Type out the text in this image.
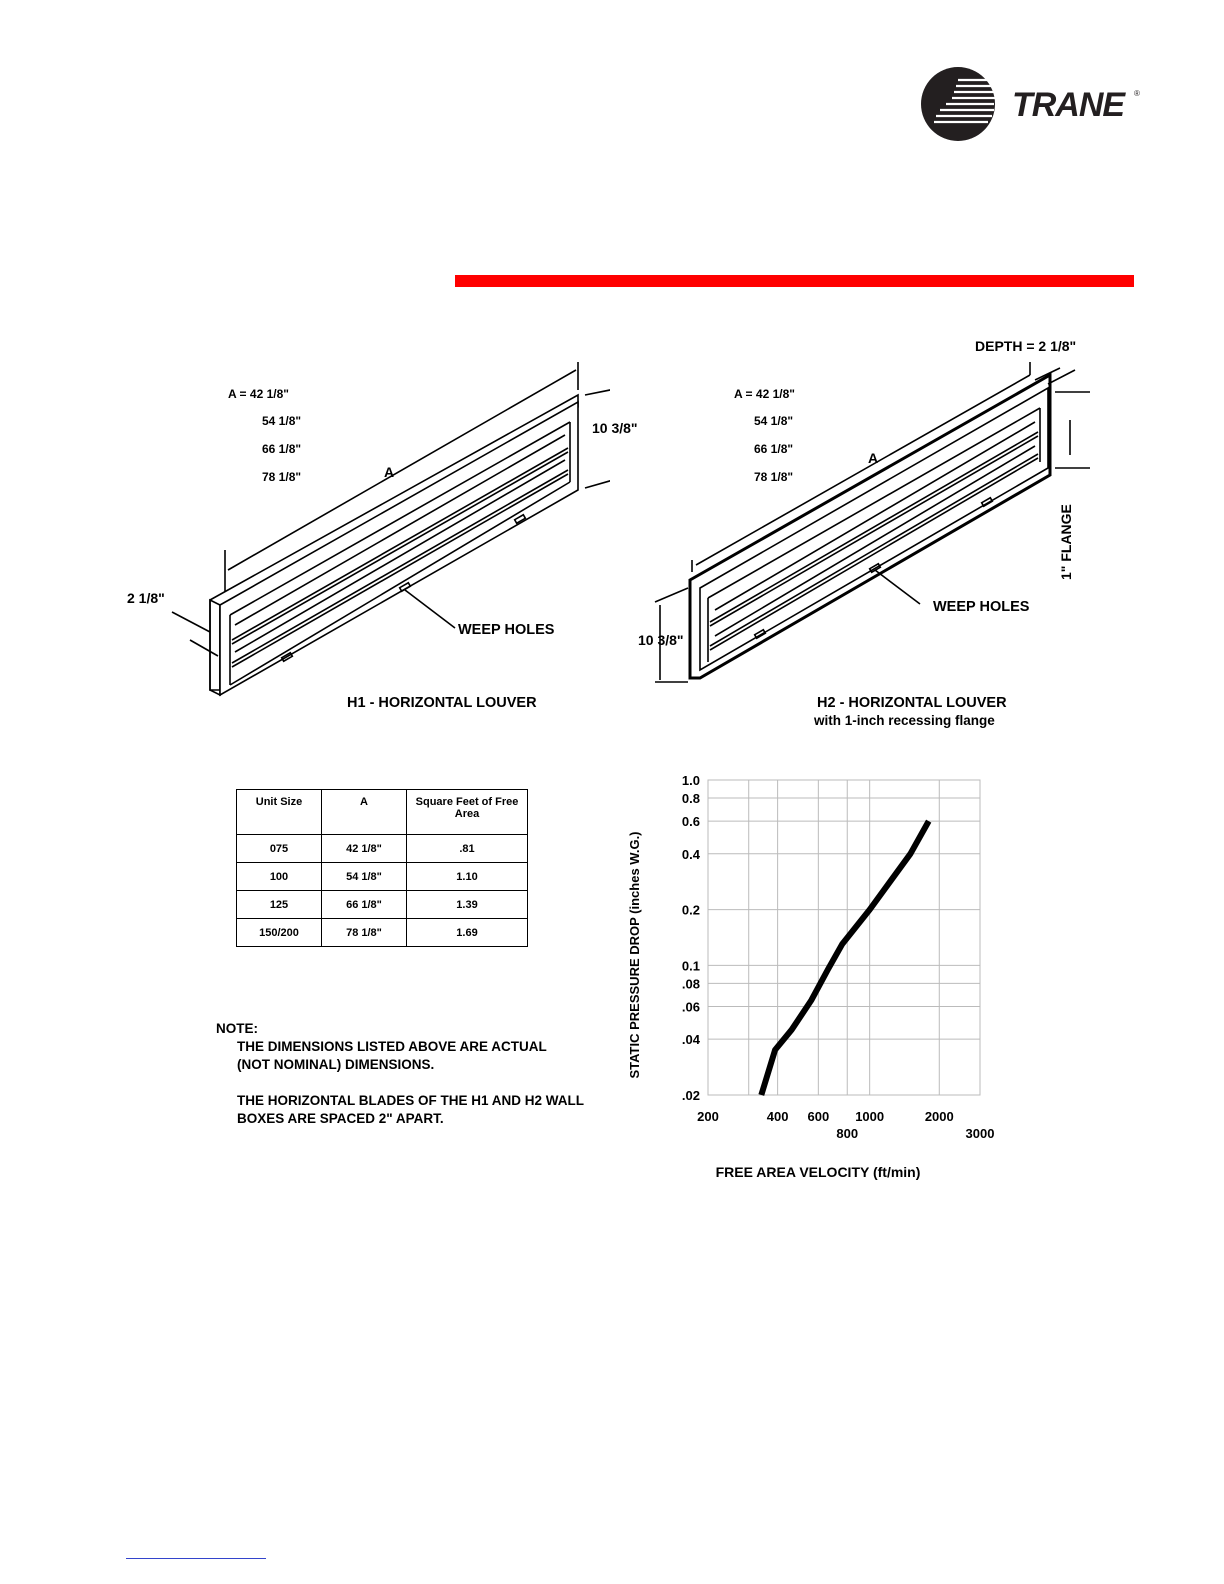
TRANE ®
A = 42 1/8"
54 1/8"
66 1/8"
78 1/8"	A
10 3/8"
2 1/8"
WEEP HOLES
H1 - HORIZONTAL LOUVER
DEPTH = 2 1/8"
A = 42 1/8"
54 1/8"
66 1/8"
78 1/8"
A
1" FLANGE
WEEP HOLES
10 3/8"
H2 - HORIZONTAL LOUVER
with 1-inch recessing flange
Unit Size	A	Square Feet of Free Area
075	42 1/8"	.81
100	54 1/8"	1.10
125	66 1/8"	1.39
150/200	78 1/8"	1.69

NOTE:

THE DIMENSIONS LISTED ABOVE ARE ACTUAL

(NOT NOMINAL) DIMENSIONS.

THE HORIZONTAL BLADES OF THE H1 AND H2 WALL

BOXES ARE SPACED 2" APART.

.02
.04
.06
.08
0.1
0.2
0.4
0.6
0.8
1.0
200	400 600
800
1000	2000
3000
FREE AREA VELOCITY (ft/min)
STATIC PRESSURE DROP (inches W.G.)
